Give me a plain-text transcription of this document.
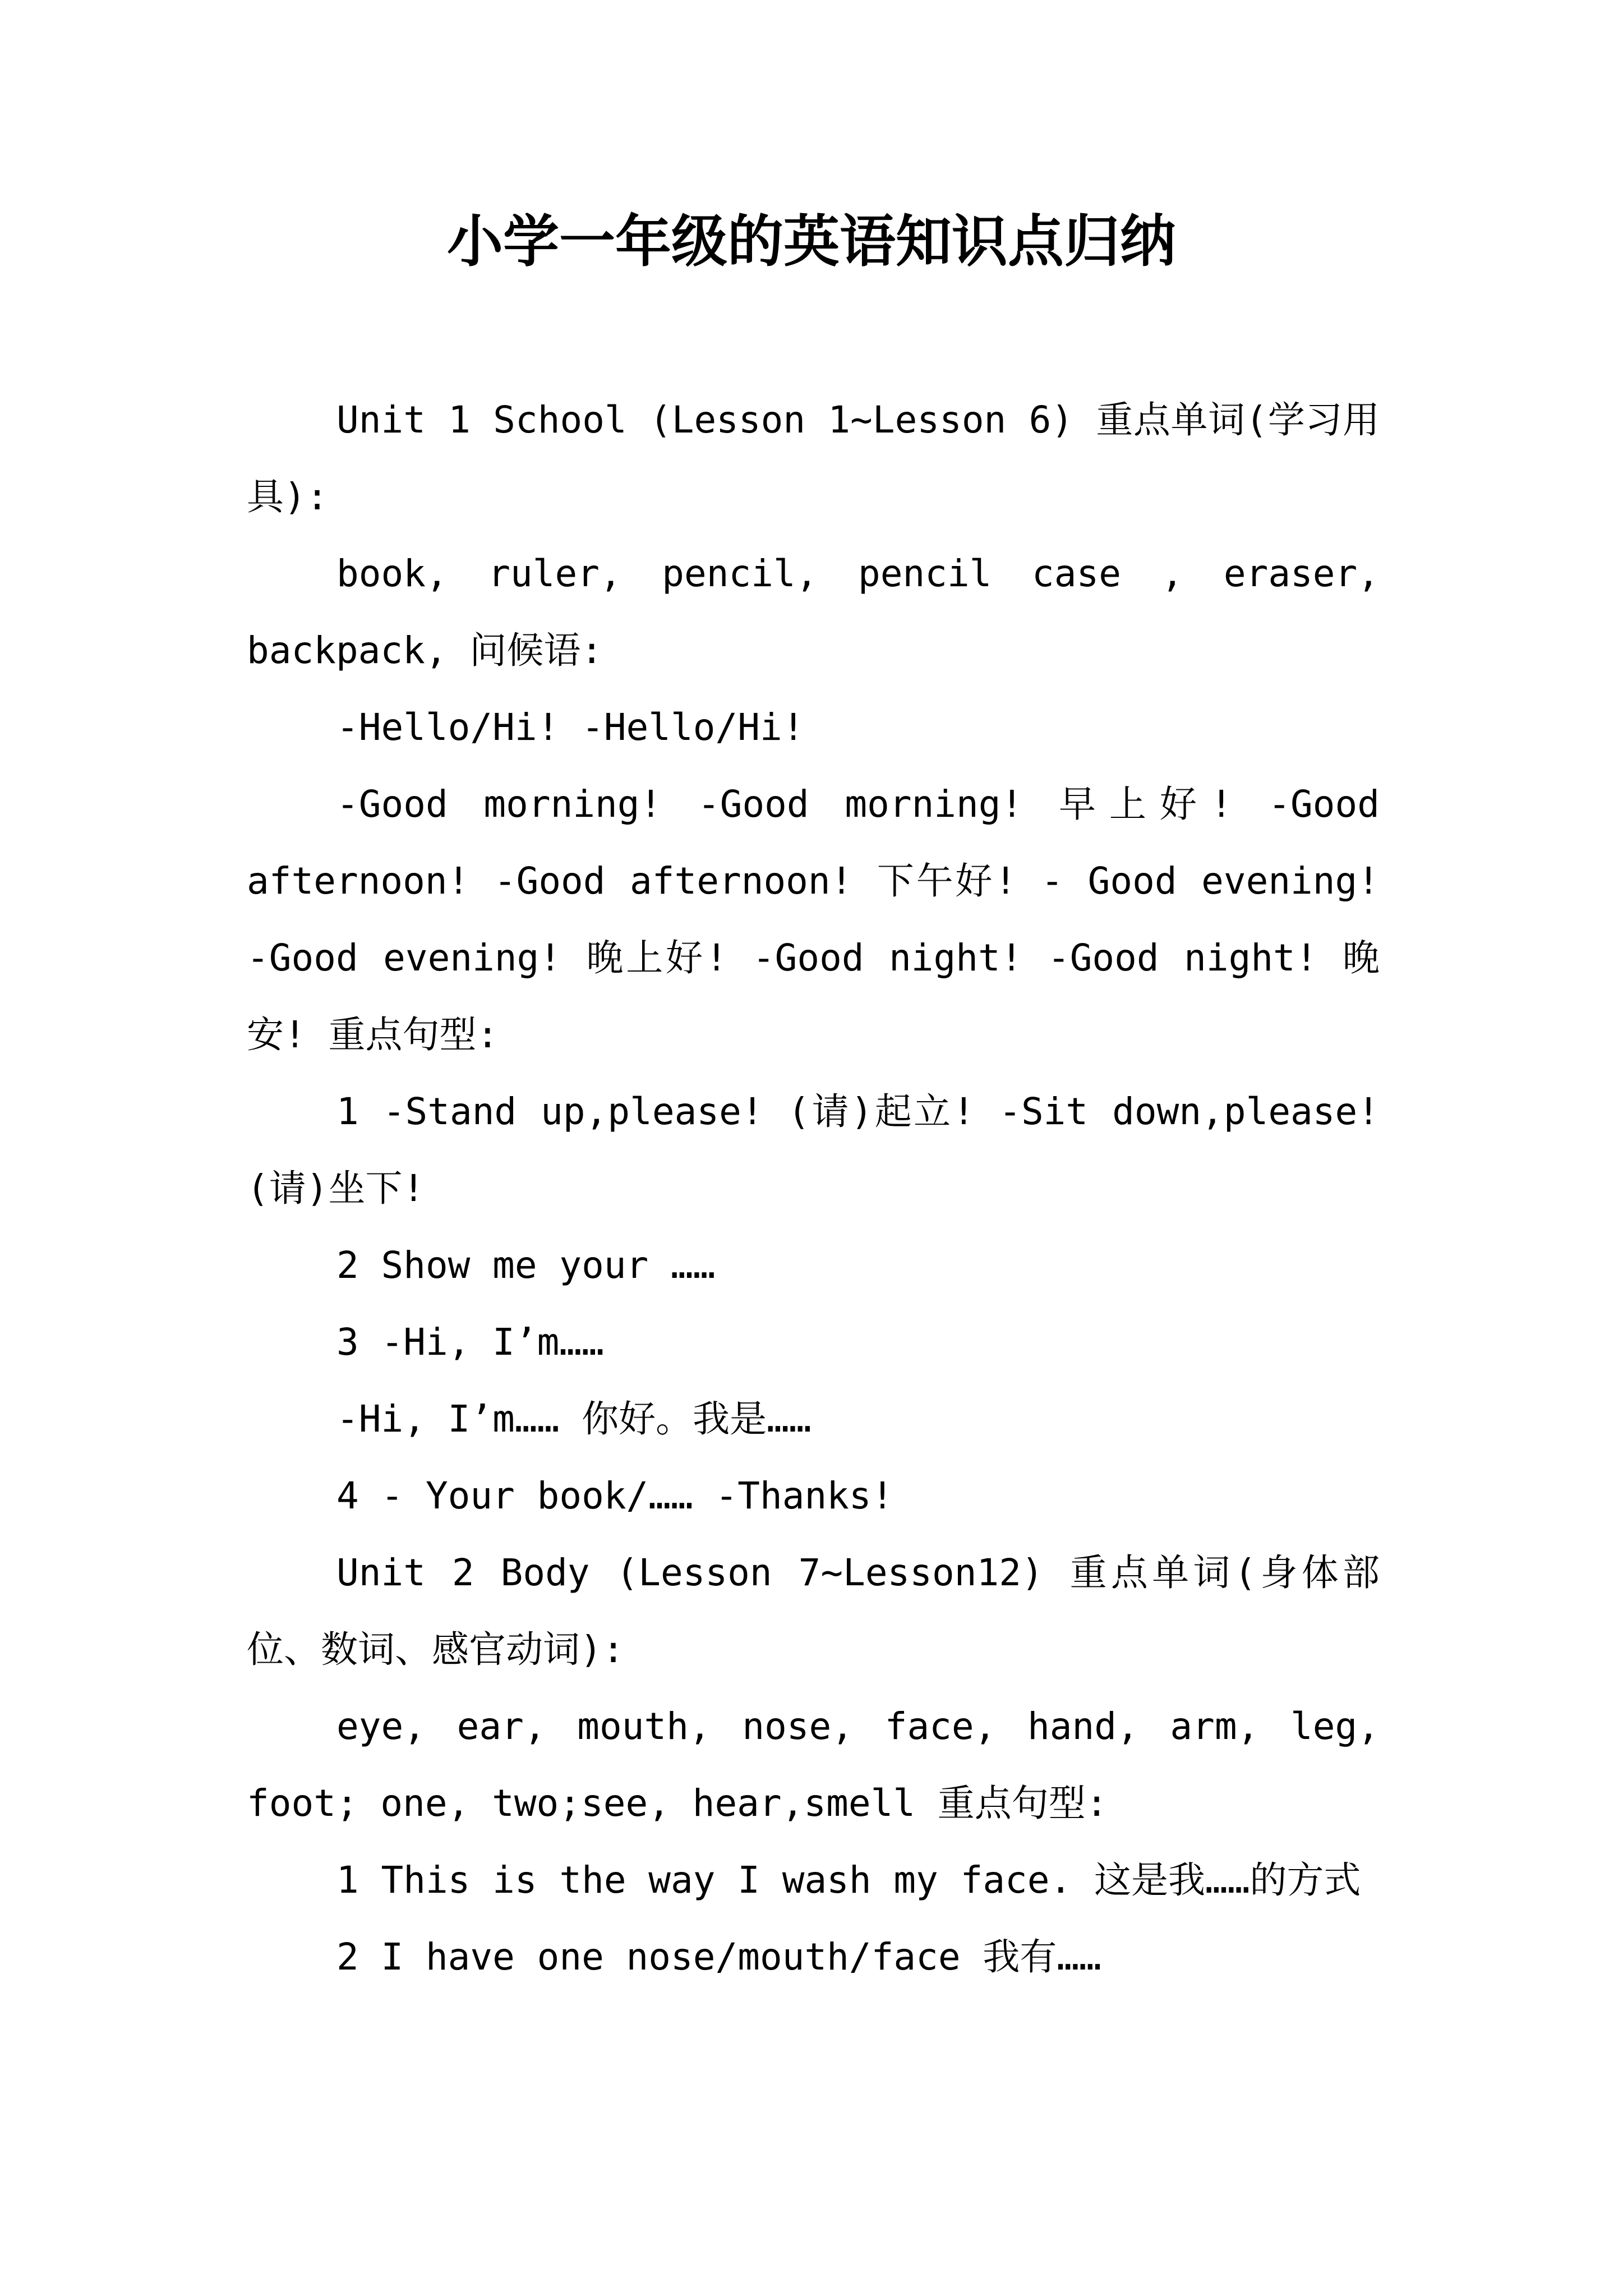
小学一年级的英语知识点归纳

Unit 1 School (Lesson 1~Lesson 6) 重点单词(学习用具):

book, ruler, pencil, pencil case , eraser, backpack, 问候语:

-Hello/Hi! -Hello/Hi!

-Good morning! -Good morning! 早上好! -Good afternoon! -Good afternoon! 下午好! - Good evening! -Good evening! 晚上好! -Good night! -Good night! 晚安! 重点句型:

1 -Stand up,please! (请)起立! -Sit down,please! (请)坐下!

2 Show me your ……

3 -Hi, I’m……

-Hi, I’m…… 你好。我是……

4 - Your book/…… -Thanks!

Unit 2 Body (Lesson 7~Lesson12) 重点单词(身体部位、数词、感官动词):

eye, ear, mouth, nose, face, hand, arm, leg, foot; one, two;see, hear,smell 重点句型:

1 This is the way I wash my face. 这是我……的方式

2 I have one nose/mouth/face 我有……
